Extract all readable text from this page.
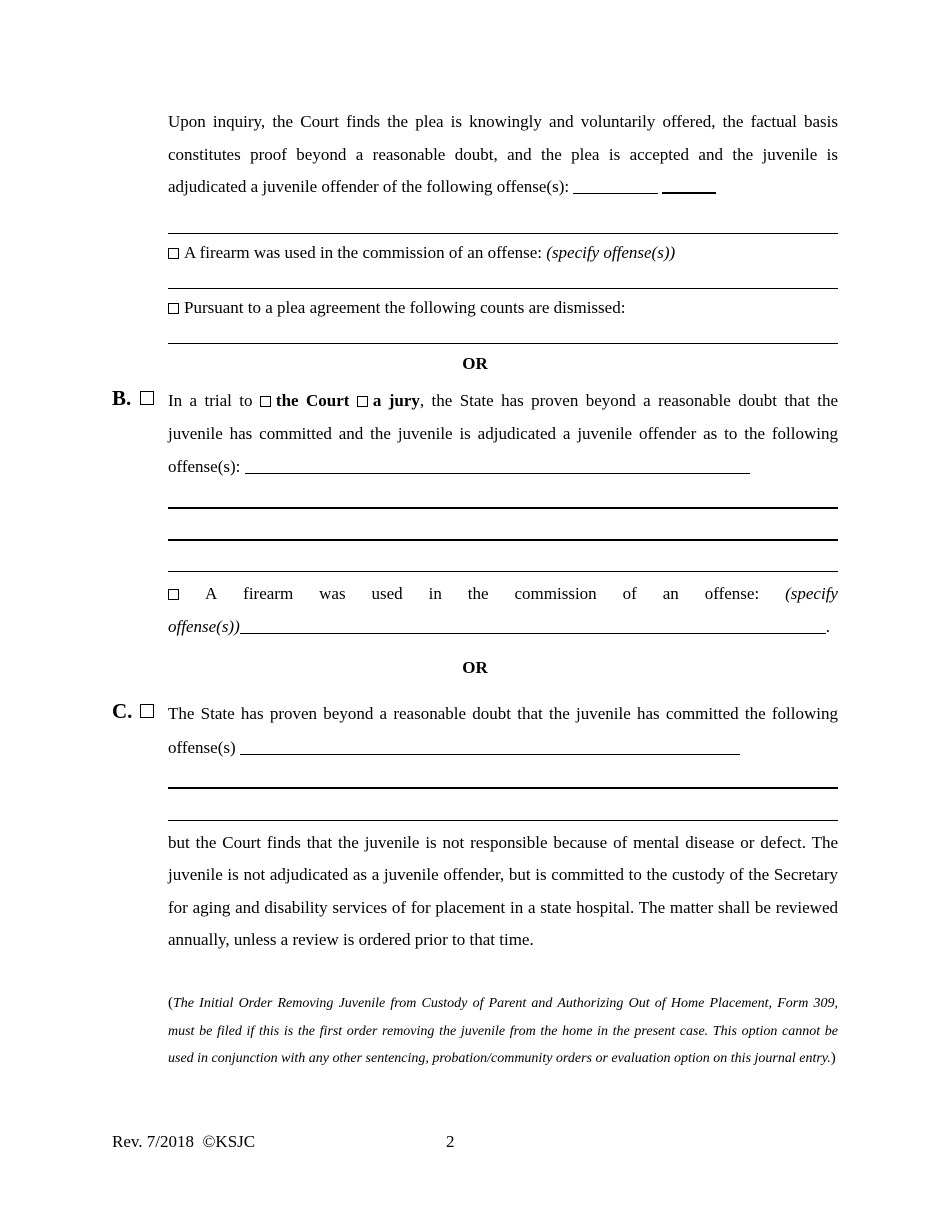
Upon inquiry, the Court finds the plea is knowingly and voluntarily offered, the factual basis constitutes proof beyond a reasonable doubt, and the plea is accepted and the juvenile is adjudicated a juvenile offender of the following offense(s):
A firearm was used in the commission of an offense: (specify offense(s))
Pursuant to a plea agreement the following counts are dismissed:
OR
B. In a trial to the Court a jury, the State has proven beyond a reasonable doubt that the juvenile has committed and the juvenile is adjudicated a juvenile offender as to the following offense(s):
A firearm was used in the commission of an offense: (specify
offense(s))	.
OR
C. The State has proven beyond a reasonable doubt that the juvenile has committed the following offense(s)
but the Court finds that the juvenile is not responsible because of mental disease or defect. The juvenile is not adjudicated as a juvenile offender, but is committed to the custody of the Secretary for aging and disability services of for placement in a state hospital. The matter shall be reviewed annually, unless a review is ordered prior to that time.
(The Initial Order Removing Juvenile from Custody of Parent and Authorizing Out of Home Placement, Form 309, must be filed if this is the first order removing the juvenile from the home in the present case. This option cannot be used in conjunction with any other sentencing, probation/community orders or evaluation option on this journal entry.)
Rev. 7/2018 ©KSJC	2
